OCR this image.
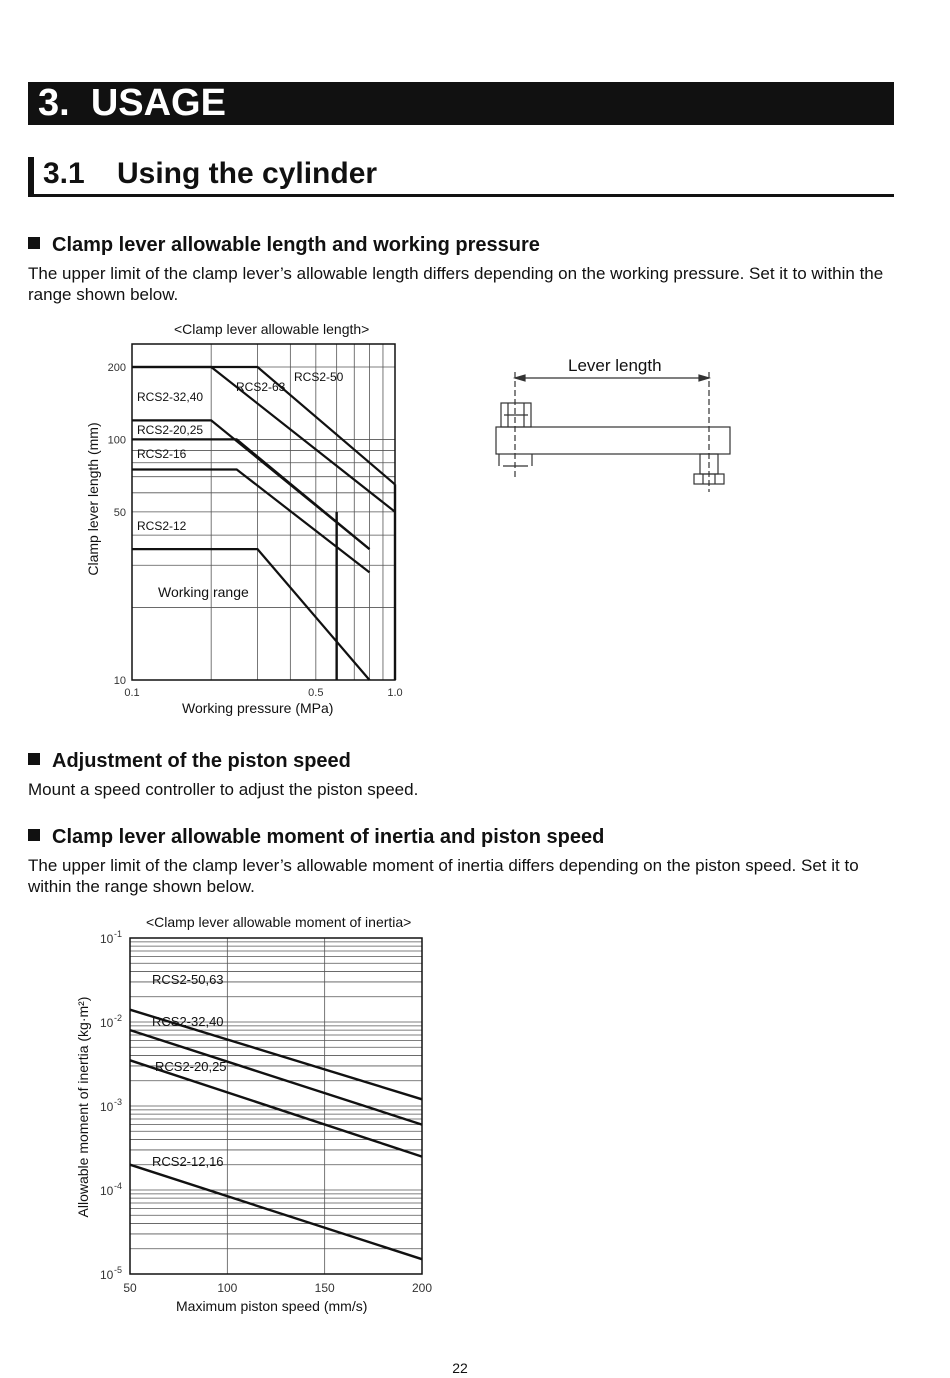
3. USAGE
3.1 Using the cylinder
Clamp lever allowable length and working pressure
The upper limit of the clamp lever’s allowable length differs depending on the working pressure. Set it to within the range shown below.
<Clamp lever allowable length>
Working pressure (MPa)
Working range
Clamp lever length (mm)
10
50
100
200
0.1	0.5	1.0
RCS2-12
RCS2-16
RCS2-20,25
RCS2-32,40
RCS2-63
RCS2-50
Allowable moment of inertia (kg·m²)
10 -1
10 -2
10 -3
10 -4
10 -5
50	100	150	200
RCS2-50,63
RCS2-32,40
RCS2-20,25
RCS2-12,16
Lever length
Adjustment of the piston speed
Mount a speed controller to adjust the piston speed.
Clamp lever allowable moment of inertia and piston speed
The upper limit of the clamp lever’s allowable moment of inertia differs depending on the piston speed. Set it to within the range shown below.
<Clamp lever allowable moment of inertia>
Maximum piston speed (mm/s)
22
